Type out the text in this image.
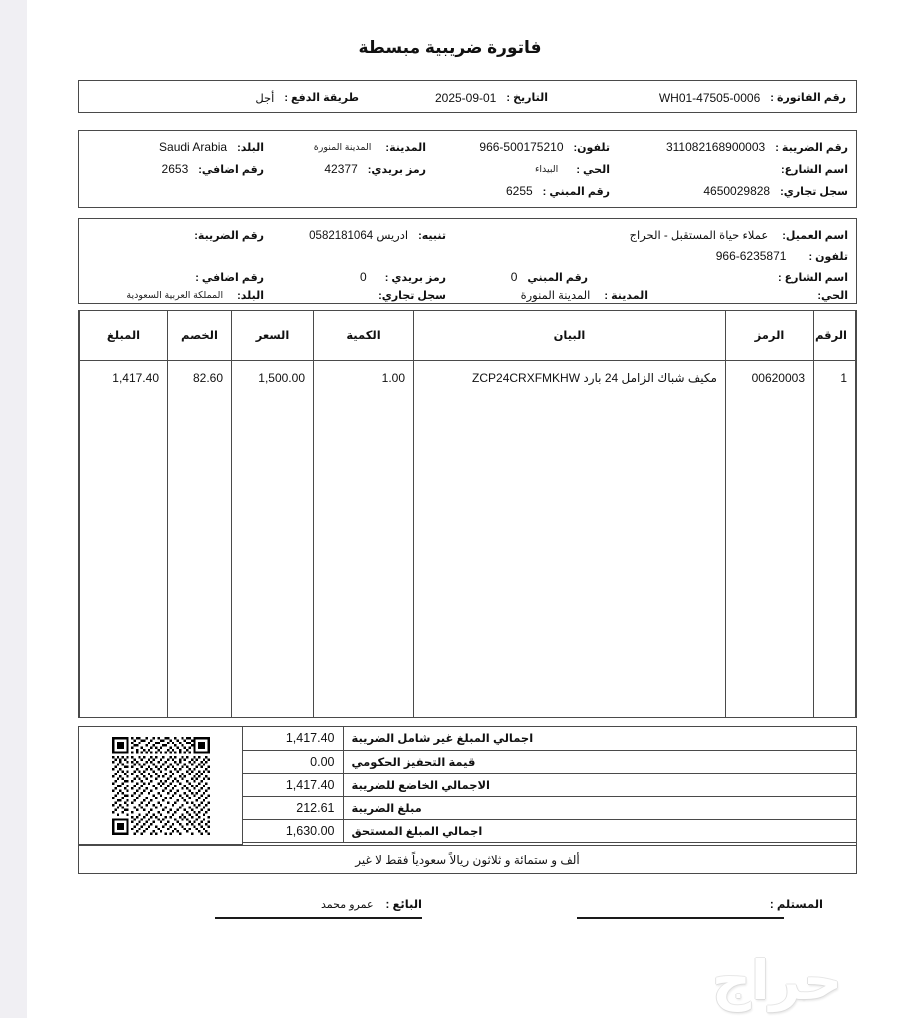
فاتورة ضريبية مبسطة
رقم الفاتورة :
0006-WH01-47505
التاريخ :
2025-09-01
طريقة الدفع :
أجل
رقم الضريبة :
311082168900003
تلفون:
966-500175210
المدينة:
المدينة المنورة
البلد:
Saudi Arabia
اسم الشارع:
الحي :
البيداء
رمز بريدي:
42377
رقم اضافي:
2653
سجل تجاري:
4650029828
رقم المبني :
6255
اسم العميل:
عملاء حياة المستقبل - الحراج
تنبيه:
ادريس 0582181064
رقم الضريبة:
تلفون :
966-6235871
اسم الشارع :
رقم المبني
0
رمز بريدي :
0
رقم اضافي :
الحي:
المدينة :
المدينة المنورة
سجل تجاري:
البلد:
المملكة العربية السعودية
الرقم	الرمز	البيان	الكمية	السعر	الخصم	المبلغ
1	00620003	مكيف شباك الزامل 24 بارد ZCP24CRXFMKHW	1.00	1,500.00	82.60	1,417.40
اجمالي المبلغ غير شامل الضريبة	1,417.40
قيمة التحفيز الحكومي	0.00
الاجمالي الخاضع للضريبة	1,417.40
مبلغ الضريبة	212.61
اجمالي المبلغ المستحق	1,630.00
ألف و ستمائة و ثلاثون ريالاً سعودياً فقط لا غير
المستلم :
البائع :
عمرو محمد
حراج
